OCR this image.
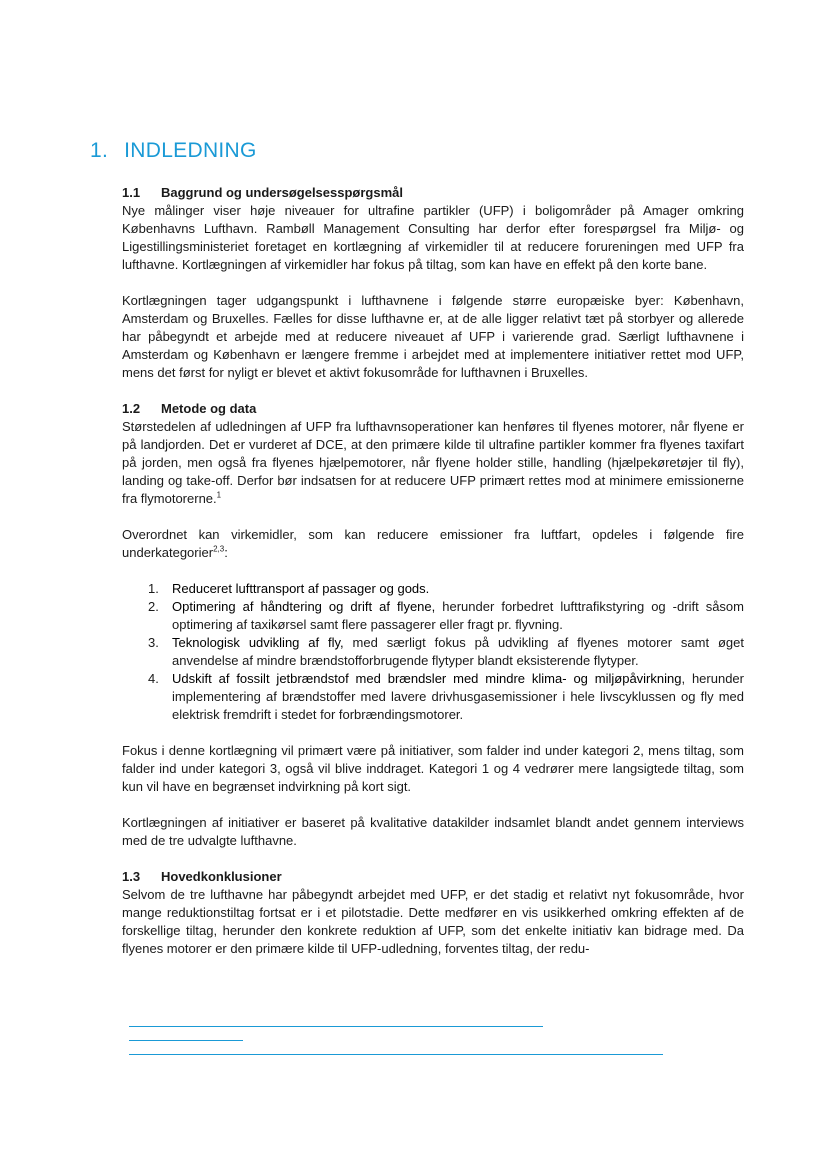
1. INDLEDNING
1.1	Baggrund og undersøgelsesspørgsmål

Nye målinger viser høje niveauer for ultrafine partikler (UFP) i boligområder på Amager omkring Københavns Lufthavn. Rambøll Management Consulting har derfor efter forespørgsel fra Miljø- og Ligestillingsministeriet foretaget en kortlægning af virkemidler til at reducere forureningen med UFP fra lufthavne. Kortlægningen af virkemidler har fokus på tiltag, som kan have en effekt på den korte bane.

Kortlægningen tager udgangspunkt i lufthavnene i følgende større europæiske byer: København, Amsterdam og Bruxelles. Fælles for disse lufthavne er, at de alle ligger relativt tæt på storbyer og allerede har påbegyndt et arbejde med at reducere niveauet af UFP i varierende grad. Særligt lufthavnene i Amsterdam og København er længere fremme i arbejdet med at implementere initiativer rettet mod UFP, mens det først for nyligt er blevet et aktivt fokusområde for lufthavnen i Bruxelles.

1.2	Metode og data

Størstedelen af udledningen af UFP fra lufthavnsoperationer kan henføres til flyenes motorer, når flyene er på landjorden. Det er vurderet af DCE, at den primære kilde til ultrafine partikler kommer fra flyenes taxifart på jorden, men også fra flyenes hjælpemotorer, når flyene holder stille, handling (hjælpekøretøjer til fly), landing og take-off. Derfor bør indsatsen for at reducere UFP primært rettes mod at minimere emissionerne fra flymotorerne.$^1$

Overordnet kan virkemidler, som kan reducere emissioner fra luftfart, opdeles i følgende fire underkategorier$^{2,3}$:

1.	Reduceret lufttransport af passager og gods.
2.	Optimering af håndtering og drift af flyene, herunder forbedret lufttrafikstyring og -drift såsom optimering af taxikørsel samt flere passagerer eller fragt pr. flyvning.
3.	Teknologisk udvikling af fly, med særligt fokus på udvikling af flyenes motorer samt øget anvendelse af mindre brændstofforbrugende flytyper blandt eksisterende flytyper.
4.	Udskift af fossilt jetbrændstof med brændsler med mindre klima- og miljøpåvirkning, herunder implementering af brændstoffer med lavere drivhusgasemissioner i hele livscyklussen og fly med elektrisk fremdrift i stedet for forbrændingsmotorer.

Fokus i denne kortlægning vil primært være på initiativer, som falder ind under kategori 2, mens tiltag, som falder ind under kategori 3, også vil blive inddraget. Kategori 1 og 4 vedrører mere langsigtede tiltag, som kun vil have en begrænset indvirkning på kort sigt.

Kortlægningen af initiativer er baseret på kvalitative datakilder indsamlet blandt andet gennem interviews med de tre udvalgte lufthavne.

1.3	Hovedkonklusioner

Selvom de tre lufthavne har påbegyndt arbejdet med UFP, er det stadig et relativt nyt fokusområde, hvor mange reduktionstiltag fortsat er i et pilotstadie. Dette medfører en vis usikkerhed omkring effekten af de forskellige tiltag, herunder den konkrete reduktion af UFP, som det enkelte initiativ kan bidrage med. Da flyenes motorer er den primære kilde til UFP-udledning, forventes tiltag, der redu-
